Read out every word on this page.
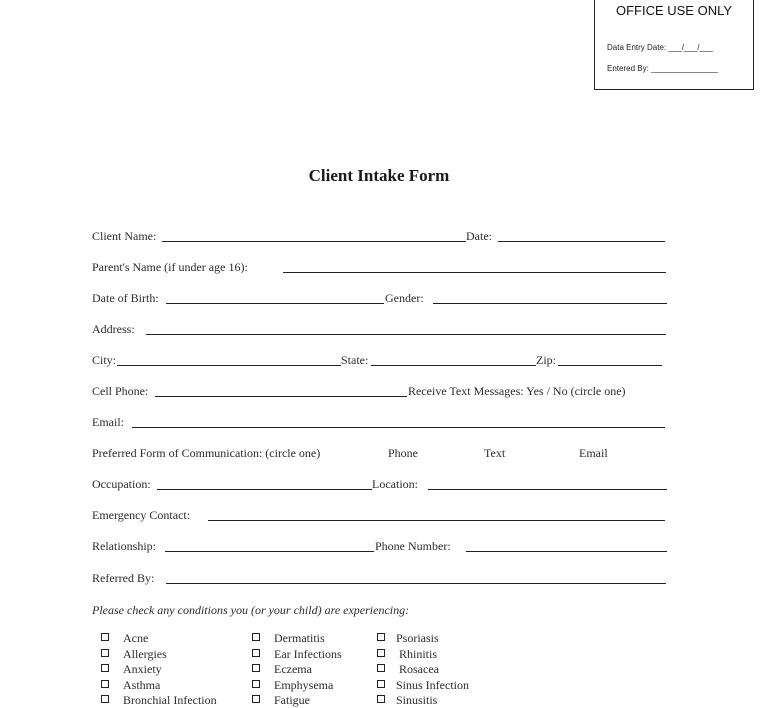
OFFICE USE ONLY
Data Entry Date: ___/___/___
Entered By: _______________
Client Intake Form
Client Name:	Date:
Parent's Name (if under age 16):
Date of Birth:	Gender:
Address:
City:	State:	Zip:
Cell Phone:	Receive Text Messages: Yes / No (circle one)
Email:
Preferred Form of Communication: (circle one)	Phone	Text	Email
Occupation:	Location:
Emergency Contact:
Relationship:	Phone Number:
Referred By:
Please check any conditions you (or your child) are experiencing:
Acne
Allergies
Anxiety
Asthma
Bronchial Infection
Dermatitis
Ear Infections
Eczema
Emphysema
Fatigue
Psoriasis
Rhinitis
Rosacea
Sinus Infection
Sinusitis
